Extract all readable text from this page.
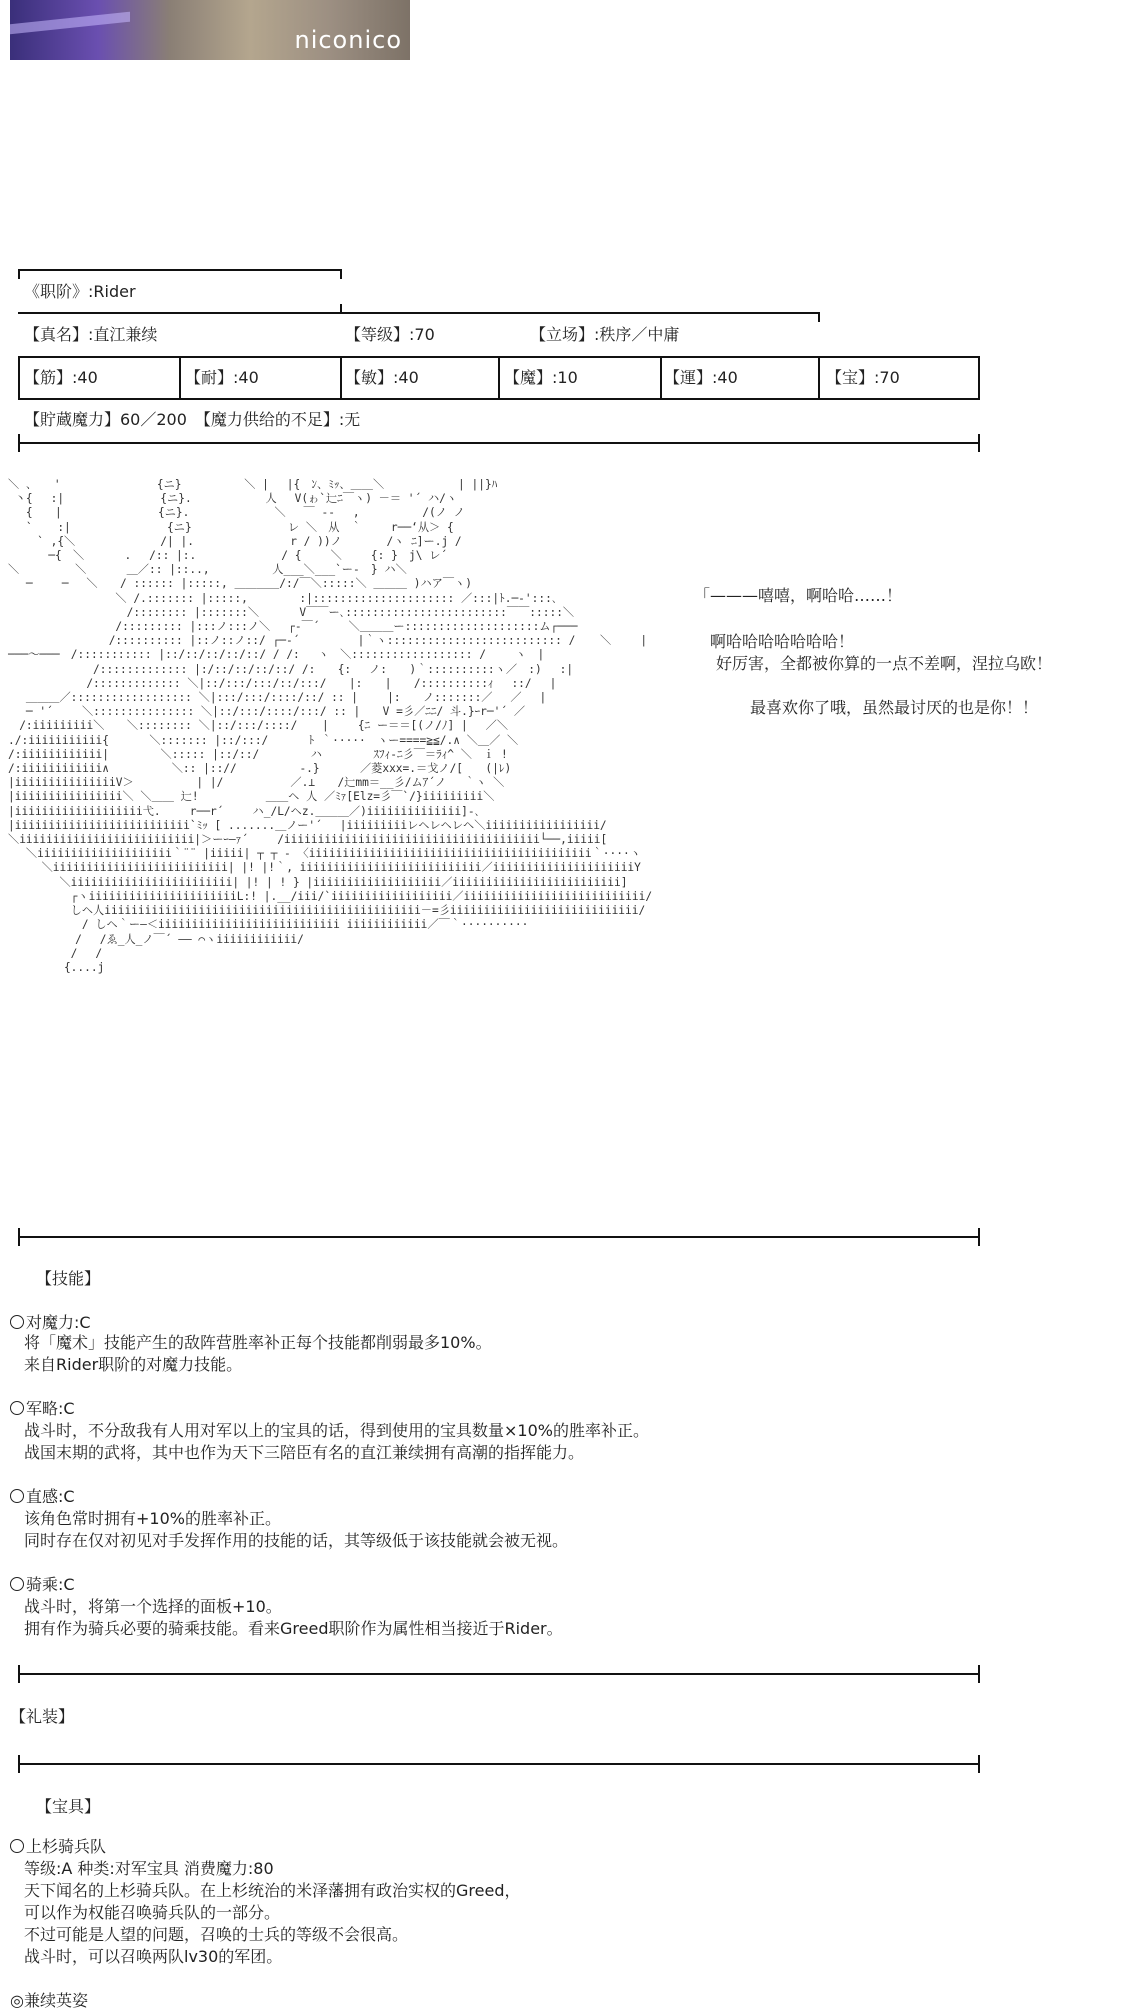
niconico
《职阶》:Rider
【真名】:直江兼续	【等级】:70	【立场】:秩序／中庸
【筋】:40	【耐】:40	【敏】:40	【魔】:10	【運】:40	【宝】:70
【貯蔵魔力】60／200　【魔力供给的不足】:无
＼ 、　　'　　　　　　　　 {ニ}　　　　　 ＼ |　 |{　ﾝ、ﾐｯ、＿＿＼　　　　　　 | ||}ﾊ
丶{　 :|　　　　　　　　 {ニ}.　　　　　　 人　 V(ゎ`辷ﾆ￣ヽ) －＝ '´ ハ/ヽ
　 {　　|　　　　　　　　 {ニ}.　　　　　　　 ＼　 ￣ ‐-　 ,　　　　　 /(ノ ノ
　 ` 　 :|　　　　　　　　 {ニ}　　　　　　　　 レ ＼　从　｀　　 r──‘从＞ {
　　 ` ,{＼　　　　　　　 /| |.　　　　　　　　 r / ))ノ　　　　/ヽ ﾆ]ー.j /
　　　 ─{　＼　　　 .　 /:: |:.　　　　　　　 / {　　 ＼　　 {: }　j\ レ´
＼　　　　　＼　　　 ＿／:: |::..,　　　　　 人___＼___`ー-　} ハ＼
　 ─　　 ─　 ＼　　/ :::::: |:::::, ＿＿＿＿/:/￣＼:::::＼ ＿＿＿ )ハア￣ヽ)
　　　　　　　　　 ＼ /.::::::: |:::::,　　　　 :|::::::::::::::::::::: ／:::|ﾄ.─-':::､
　　　　　　　　　　 /:::::::: |:::::::＼　　　 V￣￣ー､::::::::::::::::::::::::￣￣:::::＼
　　　　　　　　　 /::::::::: |:::ノ:::ノ＼　 ┌‐￣´　　 ＼＿＿＿ー::::::::::::::::::::ム┌───
　　　　　　　　　/:::::::::: |::ノ::ノ::/ ┌─‐´ 　　　　 |｀ヽ:::::::::::::::::::::::::: / 　 ＼　　 |
───～───　/::::::::::: |::/::/::/::/::/ / /:　 ヽ　＼:::::::::::::::::: / 　　ヽ　|
　　　　　　　 /::::::::::::: |:/::/::/::/::/ /:　　{:　 ノ:　　)｀::::::::::ヽ／　:)　 :|
　　　　　　　/::::::::::::: ＼|::/:::/:::/::/:::/　　|:　　|　　/::::::::::ｨ　 ::/　 |
　 ＿＿＿／:::::::::::::::::: ＼|:::/:::/::::/::/ :: |　　 |:　　ノ:::::::／　 ／　 |
　 ─ '´　　 ＼::::::::::::::: ＼|::/:::/::::/:::/ :: |　　V =彡／ﾆﾆ/ 斗.}ｰr─'´ ／
　/:iiiiiiiii＼　　＼:::::::: ＼|::/:::/::::/ 　 |　　 {ﾆ ー＝＝[(ノ/ﾉ] |　 ／＼
./:iiiiiiiiiii{　　　 ＼::::::: |::/:::/　　　 ﾄ ｀·····　ヽー====≧≦/.∧ ＼＿／ ＼
/:iiiiiiiiiiii|　　　　 ＼::::: |::/::/　　　　 ハ　　　　 ｽﾌｨ‐ﾆ彡￣＝ﾗｨ^ ＼　ｉ !
/:iiiiiiiiiiii∧　　　　　 ＼:: |:://　　　　　 -.}　　　 ／菱xxx=.＝戈ノ/[　　(|ﾚ)
|iiiiiiiiiiiiiiiV＞　　　　　 | |/　　　　　　／.⊥　　/辷mm＝__彡/ムｱ´ノ　 ｀ヽ ＼
|iiiiiiiiiiiiiiii＼ ＼＿＿ 辷!　　　　　　＿＿ヘ 人 ／ﾐｧ[Elz=彡￣`/}iiiiiiiii＼
|iiiiiiiiiiiiiiiiiii弋.　　 r──r´　　 ハ_/L/ヘz.＿＿＿／)iiiiiiiiiiiiii]-､
|iiiiiiiiiiiiiiiiiiiiiiiiii`ﾐｯ [ .......＿ノー'´　 |iiiiiiiiiレヘレヘレヘ＼iiiiiiiiiiiiiiiii/
＼iiiiiiiiiiiiiiiiiiiiiiiiii|＞ーｰ―ｧ´　　 /iiiiiiiiiiiiiiiiiiiiiiiiiiiiiiiiiiiiii└──,iiiii[
　 ＼iiiiiiiiiiiiiiiiiiii｀¨¨ |iiiii| ┬ ┬ - 〈iiiiiiiiiiiiiiiiiiiiiiiiiiiiiiiiiiiiiiiiii｀····ヽ
　　　＼iiiiiiiiiiiiiiiiiiiiiiiiii| |! |!｀, iiiiiiiiiiiiiiiiiiiiiiiiiii／iiiiiiiiiiiiiiiiiiiiiY
　　　　 ＼iiiiiiiiiiiiiiiiiiiiiiii| |! | ! } |iiiiiiiiiiiiiiiiiii／iiiiiiiiiiiiiiiiiiiiiiiii]
　　　　　 ┌ヽiiiiiiiiiiiiiiiiiiiiiiL:! |.__/iii/`iiiiiiiiiiiiiiiiii／iiiiiiiiiiiiiiiiiiiiiiiiiii/
　　　　　 しヘ人iiiiiiiiiiiiiiiiiiiiiiiiiiiiiiiiiiiiiiiiiiiiiii－=彡iiiiiiiiiiiiiiiiiiiiiiiiiiii/
　　　　　　 / しヘ｀ー―＜iiiiiiiiiiiiiiiiiiiiiiiiiii iiiiiiiiiiii／￣｀··········
　　　　　　/　 /ゑ_人_ノ￣´ ―― ⌒ヽiiiiiiiiiiii/
　　　　　 /　 /
　　　　　{....j
「———嘻嘻，啊哈哈……！
啊哈哈哈哈哈哈哈！
好厉害，全都被你算的一点不差啊，涅拉乌欧！
最喜欢你了哦，虽然最讨厌的也是你！！
【技能】
对魔力:C
将「魔术」技能产生的敌阵营胜率补正每个技能都削弱最多10%。
来自Rider职阶的对魔力技能。
军略:C
战斗时，不分敌我有人用对军以上的宝具的话，得到使用的宝具数量×10%的胜率补正。
战国末期的武将，其中也作为天下三陪臣有名的直江兼续拥有高潮的指挥能力。
直感:C
该角色常时拥有+10%的胜率补正。
同时存在仅对初见对手发挥作用的技能的话，其等级低于该技能就会被无视。
骑乘:C
战斗时，将第一个选择的面板+10。
拥有作为骑兵必要的骑乘技能。看来Greed职阶作为属性相当接近于Rider。
【礼装】
【宝具】
上杉骑兵队
等级:A 种类:对军宝具 消费魔力:80
天下闻名的上杉骑兵队。在上杉统治的米泽藩拥有政治实权的Greed，
可以作为权能召唤骑兵队的一部分。
不过可能是人望的问题，召唤的士兵的等级不会很高。
战斗时，可以召唤两队lv30的军团。
◎兼续英姿
